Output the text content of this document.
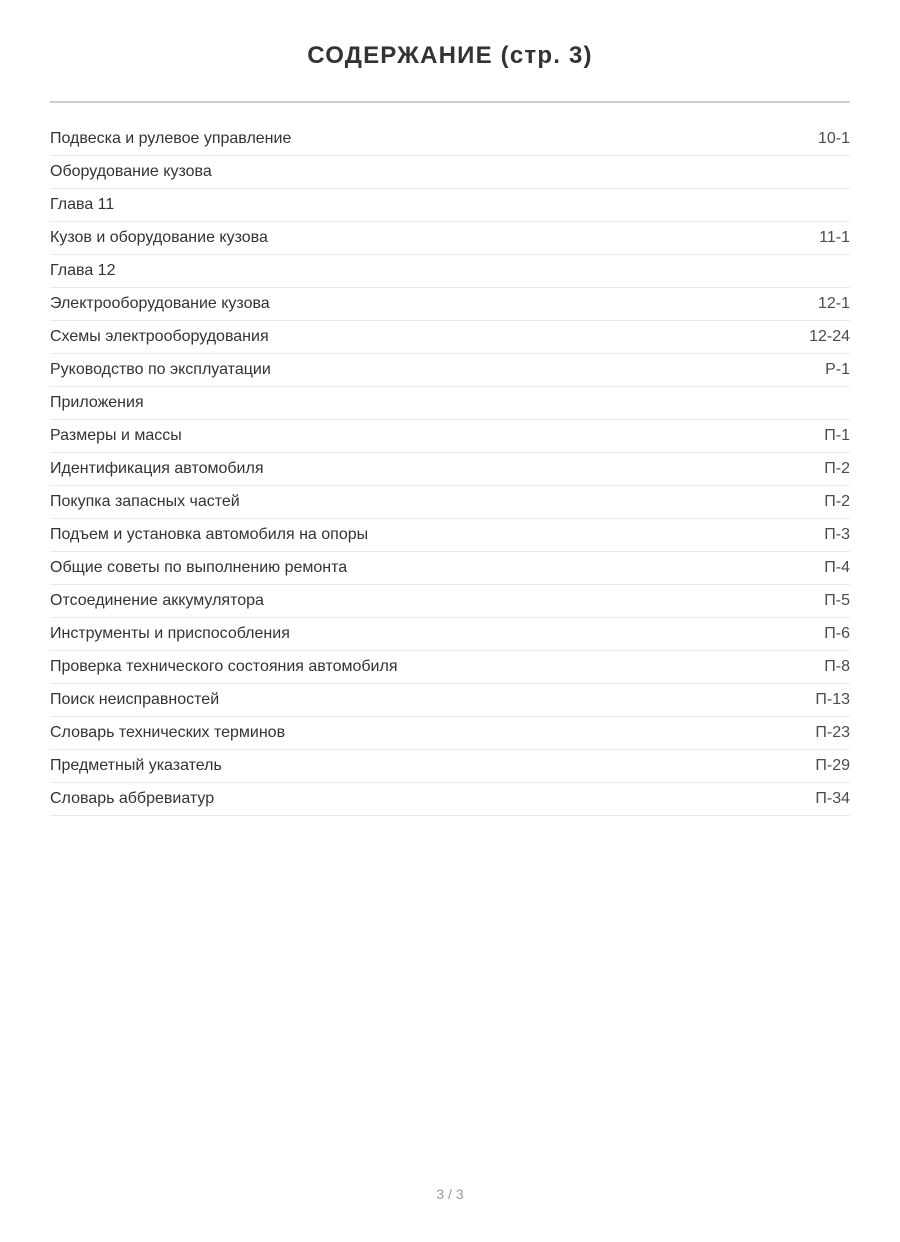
СОДЕРЖАНИЕ (стр. 3)
Подвеска и рулевое управление	10-1
Оборудование кузова
Глава 11
Кузов и оборудование кузова	11-1
Глава 12
Электрооборудование кузова	12-1
Схемы электрооборудования	12-24
Руководство по эксплуатации	Р-1
Приложения
Размеры и массы	П-1
Идентификация автомобиля	П-2
Покупка запасных частей	П-2
Подъем и установка автомобиля на опоры	П-3
Общие советы по выполнению ремонта	П-4
Отсоединение аккумулятора	П-5
Инструменты и приспособления	П-6
Проверка технического состояния автомобиля	П-8
Поиск неисправностей	П-13
Словарь технических терминов	П-23
Предметный указатель	П-29
Словарь аббревиатур	П-34
3 / 3
